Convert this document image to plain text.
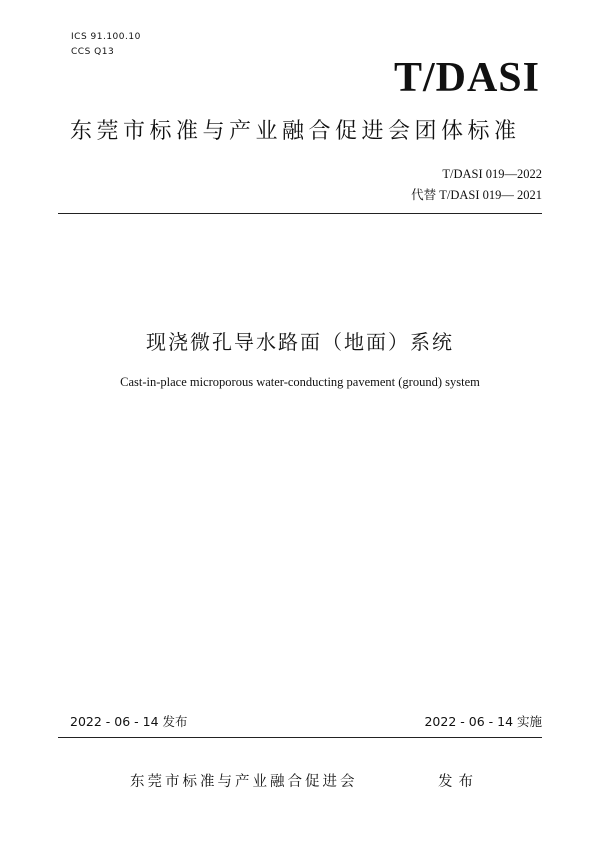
ICS 91.100.10
CCS Q13
T/DASI
东莞市标准与产业融合促进会团体标准
T/DASI 019—2022
代替 T/DASI 019— 2021
现浇微孔导水路面（地面）系统
Cast-in-place microporous water-conducting pavement (ground) system
2022 - 06 - 14 发布	2022 - 06 - 14 实施
东莞市标准与产业融合促进会	发布
